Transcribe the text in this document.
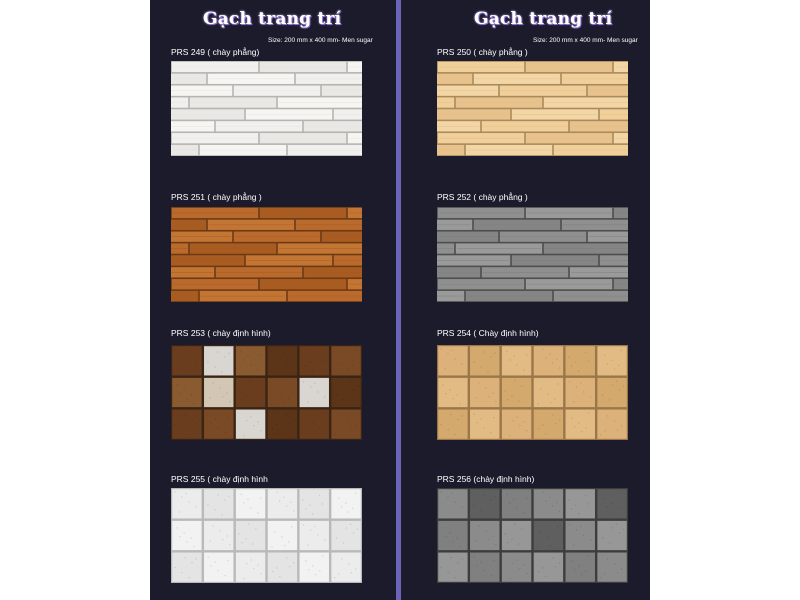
Gạch trang trí
Size: 200 mm x 400 mm- Men sugar
Gạch trang trí
Size: 200 mm x 400 mm- Men sugar
PRS 249 ( chày phẳng)	PRS 250 ( chày phẳng )
PRS 251 ( chày phẳng )	PRS 252 ( chày phẳng )
PRS 253 ( chày định hình)	PRS 254 ( Chày định hình)
PRS 255 ( chày định hình	PRS 256 (chày định hình)
